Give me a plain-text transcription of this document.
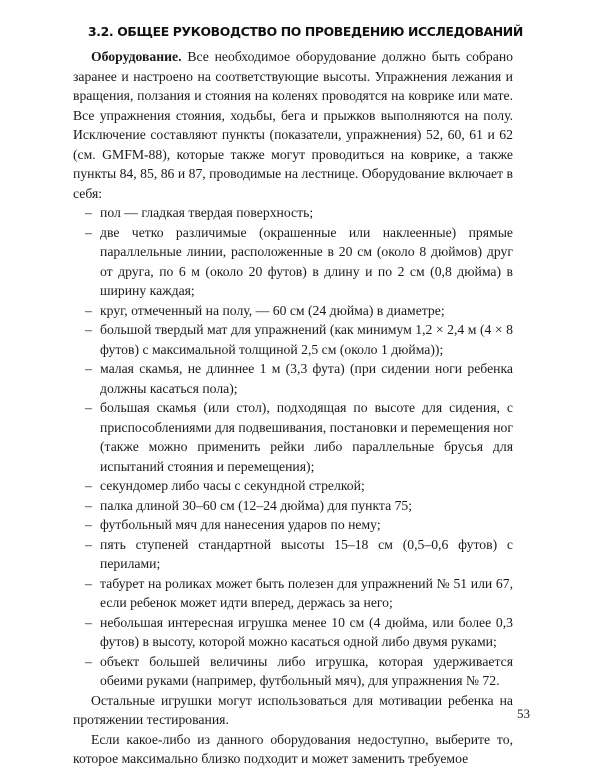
3.2. ОБЩЕЕ РУКОВОДСТВО ПО ПРОВЕДЕНИЮ ИССЛЕДОВАНИЙ

Оборудование. Все необходимое оборудование должно быть собрано заранее и настроено на соответствующие высоты. Упражнения лежания и вращения, ползания и стояния на коленях проводятся на коврике или мате. Все упражнения стояния, ходьбы, бега и прыжков выполняются на полу. Исключение составляют пункты (показатели, упражнения) 52, 60, 61 и 62 (см. GMFM-88), которые также могут проводиться на коврике, а также пункты 84, 85, 86 и 87, проводимые на лестнице. Оборудование включает в себя:

– пол — гладкая твердая поверхность;
– две четко различимые (окрашенные или наклеенные) прямые параллельные линии, расположенные в 20 см (около 8 дюймов) друг от друга, по 6 м (около 20 футов) в длину и по 2 см (0,8 дюйма) в ширину каждая;
– круг, отмеченный на полу, — 60 см (24 дюйма) в диаметре;
– большой твердый мат для упражнений (как минимум 1,2 × 2,4 м (4 × 8 футов) с максимальной толщиной 2,5 см (около 1 дюйма));
– малая скамья, не длиннее 1 м (3,3 фута) (при сидении ноги ребенка должны касаться пола);
– большая скамья (или стол), подходящая по высоте для сидения, с приспособлениями для подвешивания, постановки и перемещения ног (также можно применить рейки либо параллельные брусья для испытаний стояния и перемещения);
– секундомер либо часы с секундной стрелкой;
– палка длиной 30–60 см (12–24 дюйма) для пункта 75;
– футбольный мяч для нанесения ударов по нему;
– пять ступеней стандартной высоты 15–18 см (0,5–0,6 футов) с перилами;
– табурет на роликах может быть полезен для упражнений № 51 или 67, если ребенок может идти вперед, держась за него;
– небольшая интересная игрушка менее 10 см (4 дюйма, или более 0,3 футов) в высоту, которой можно касаться одной либо двумя руками;
– объект большей величины либо игрушка, которая удерживaется обеими руками (например, футбольный мяч), для упражнения № 72.

Остальные игрушки могут использоваться для мотивации ребенка на протяжении тестирования.

Если какое-либо из данного оборудования недоступно, выберите то, которое максимально близко подходит и может заменить требуемое

53
